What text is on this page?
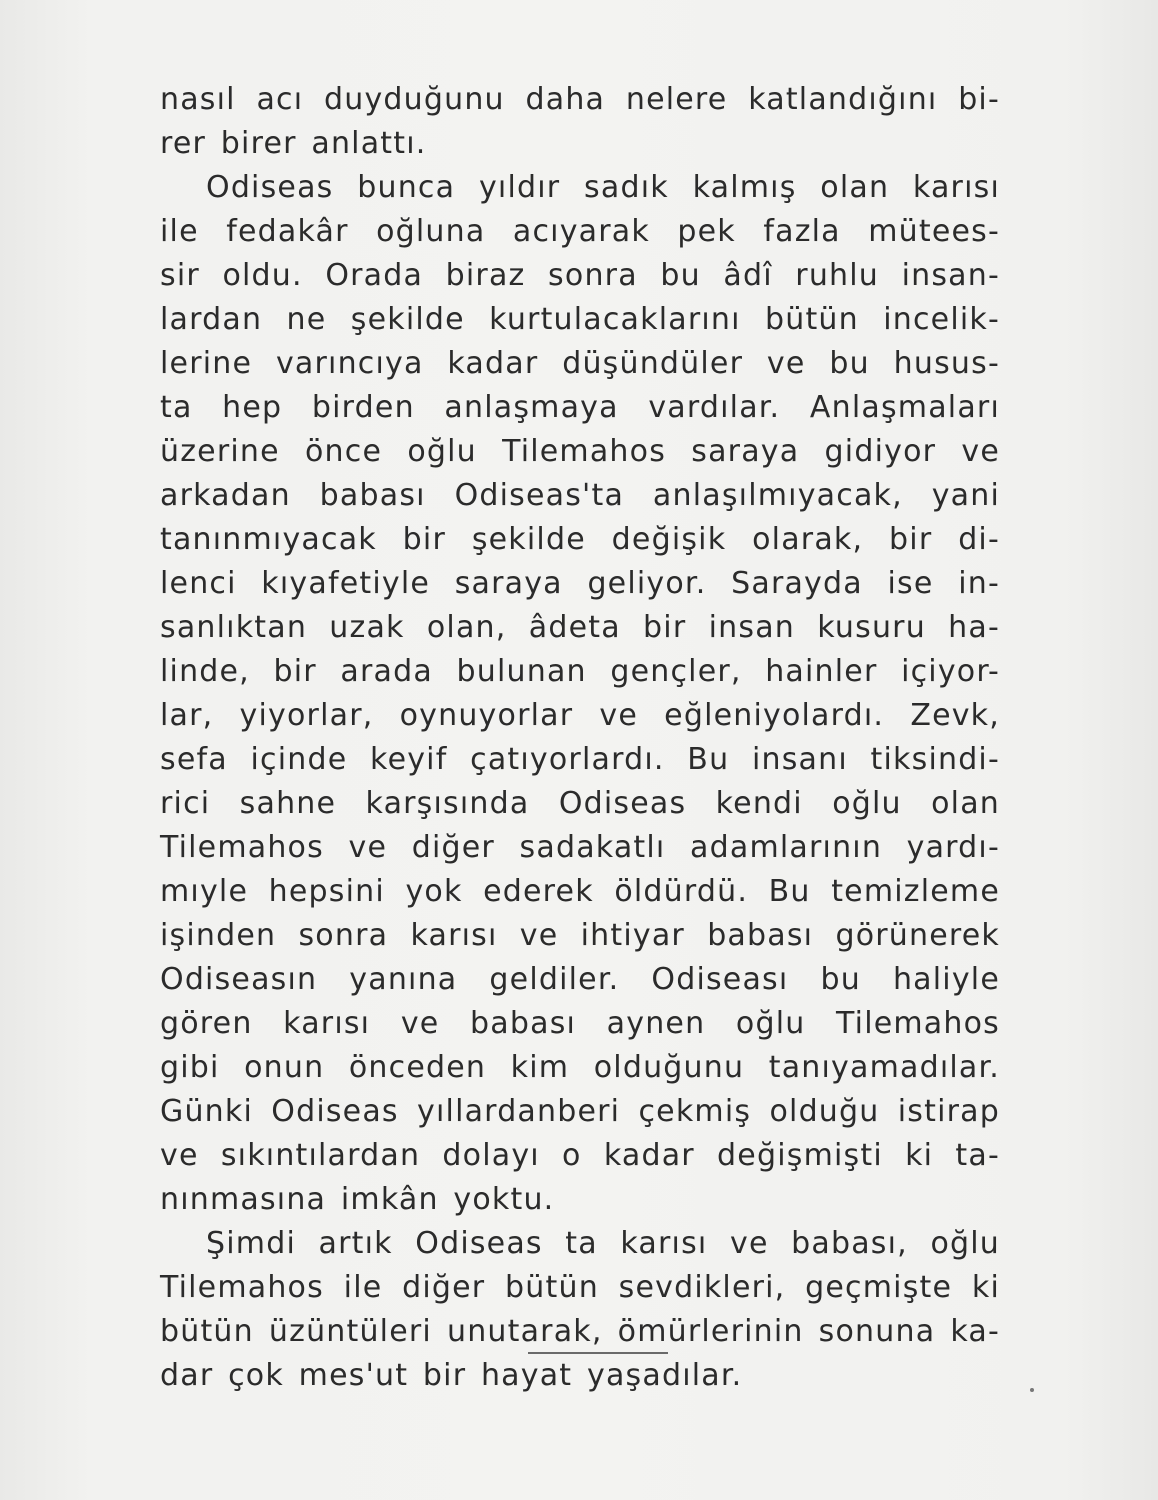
nasıl acı duyduğunu daha nelere katlandığını bi-
rer birer anlattı.
Odiseas bunca yıldır sadık kalmış olan karısı
ile fedakâr oğluna acıyarak pek fazla mütees-
sir oldu. Orada biraz sonra bu âdî ruhlu insan-
lardan ne şekilde kurtulacaklarını bütün incelik-
lerine varıncıya kadar düşündüler ve bu husus-
ta hep birden anlaşmaya vardılar. Anlaşmaları
üzerine önce oğlu Tilemahos saraya gidiyor ve
arkadan babası Odiseas'ta anlaşılmıyacak, yani
tanınmıyacak bir şekilde değişik olarak, bir di-
lenci kıyafetiyle saraya geliyor. Sarayda ise in-
sanlıktan uzak olan, âdeta bir insan kusuru ha-
linde, bir arada bulunan gençler, hainler içiyor-
lar, yiyorlar, oynuyorlar ve eğleniyolardı. Zevk,
sefa içinde keyif çatıyorlardı. Bu insanı tiksindi-
rici sahne karşısında Odiseas kendi oğlu olan
Tilemahos ve diğer sadakatlı adamlarının yardı-
mıyle hepsini yok ederek öldürdü. Bu temizleme
işinden sonra karısı ve ihtiyar babası görünerek
Odiseasın yanına geldiler. Odiseası bu haliyle
gören karısı ve babası aynen oğlu Tilemahos
gibi onun önceden kim olduğunu tanıyamadılar.
Günki Odiseas yıllardanberi çekmiş olduğu istirap
ve sıkıntılardan dolayı o kadar değişmişti ki ta-
nınmasına imkân yoktu.
Şimdi artık Odiseas ta karısı ve babası, oğlu
Tilemahos ile diğer bütün sevdikleri, geçmişte ki
bütün üzüntüleri unutarak, ömürlerinin sonuna ka-
dar çok mes'ut bir hayat yaşadılar.
